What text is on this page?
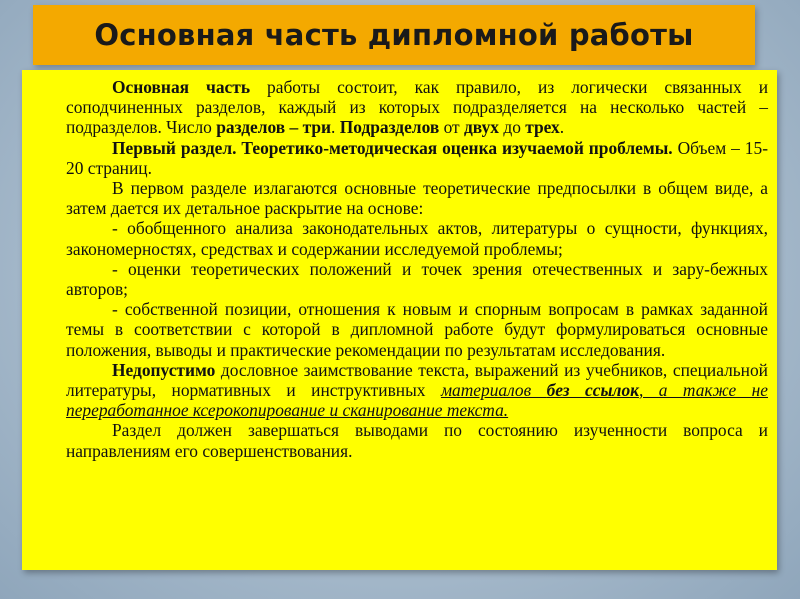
Основная часть дипломной работы

Основная часть работы состоит, как правило, из логически связанных и соподчиненных разделов, каждый из которых подразделяется на несколько частей – подразделов. Число разделов – три. Подразделов от двух до трех.

Первый раздел. Теоретико-методическая оценка изучаемой проблемы. Объем – 15-20 страниц.

В первом разделе излагаются основные теоретические предпосылки в общем виде, а затем дается их детальное раскрытие на основе:

- обобщенного анализа законодательных актов, литературы о сущности, функциях, закономерностях, средствах и содержании исследуемой проблемы;

- оценки теоретических положений и точек зрения отечественных и зару-бежных авторов;

- собственной позиции, отношения к новым и спорным вопросам в рамках заданной темы в соответствии с которой в дипломной работе будут формулироваться основные положения, выводы и практические рекомендации по результатам исследования.

Недопустимо дословное заимствование текста, выражений из учебников, специальной литературы, нормативных и инструктивных материалов без ссылок, а также не переработанное ксерокопирование и сканирование текста.

Раздел должен завершаться выводами по состоянию изученности вопроса и направлениям его совершенствования.
